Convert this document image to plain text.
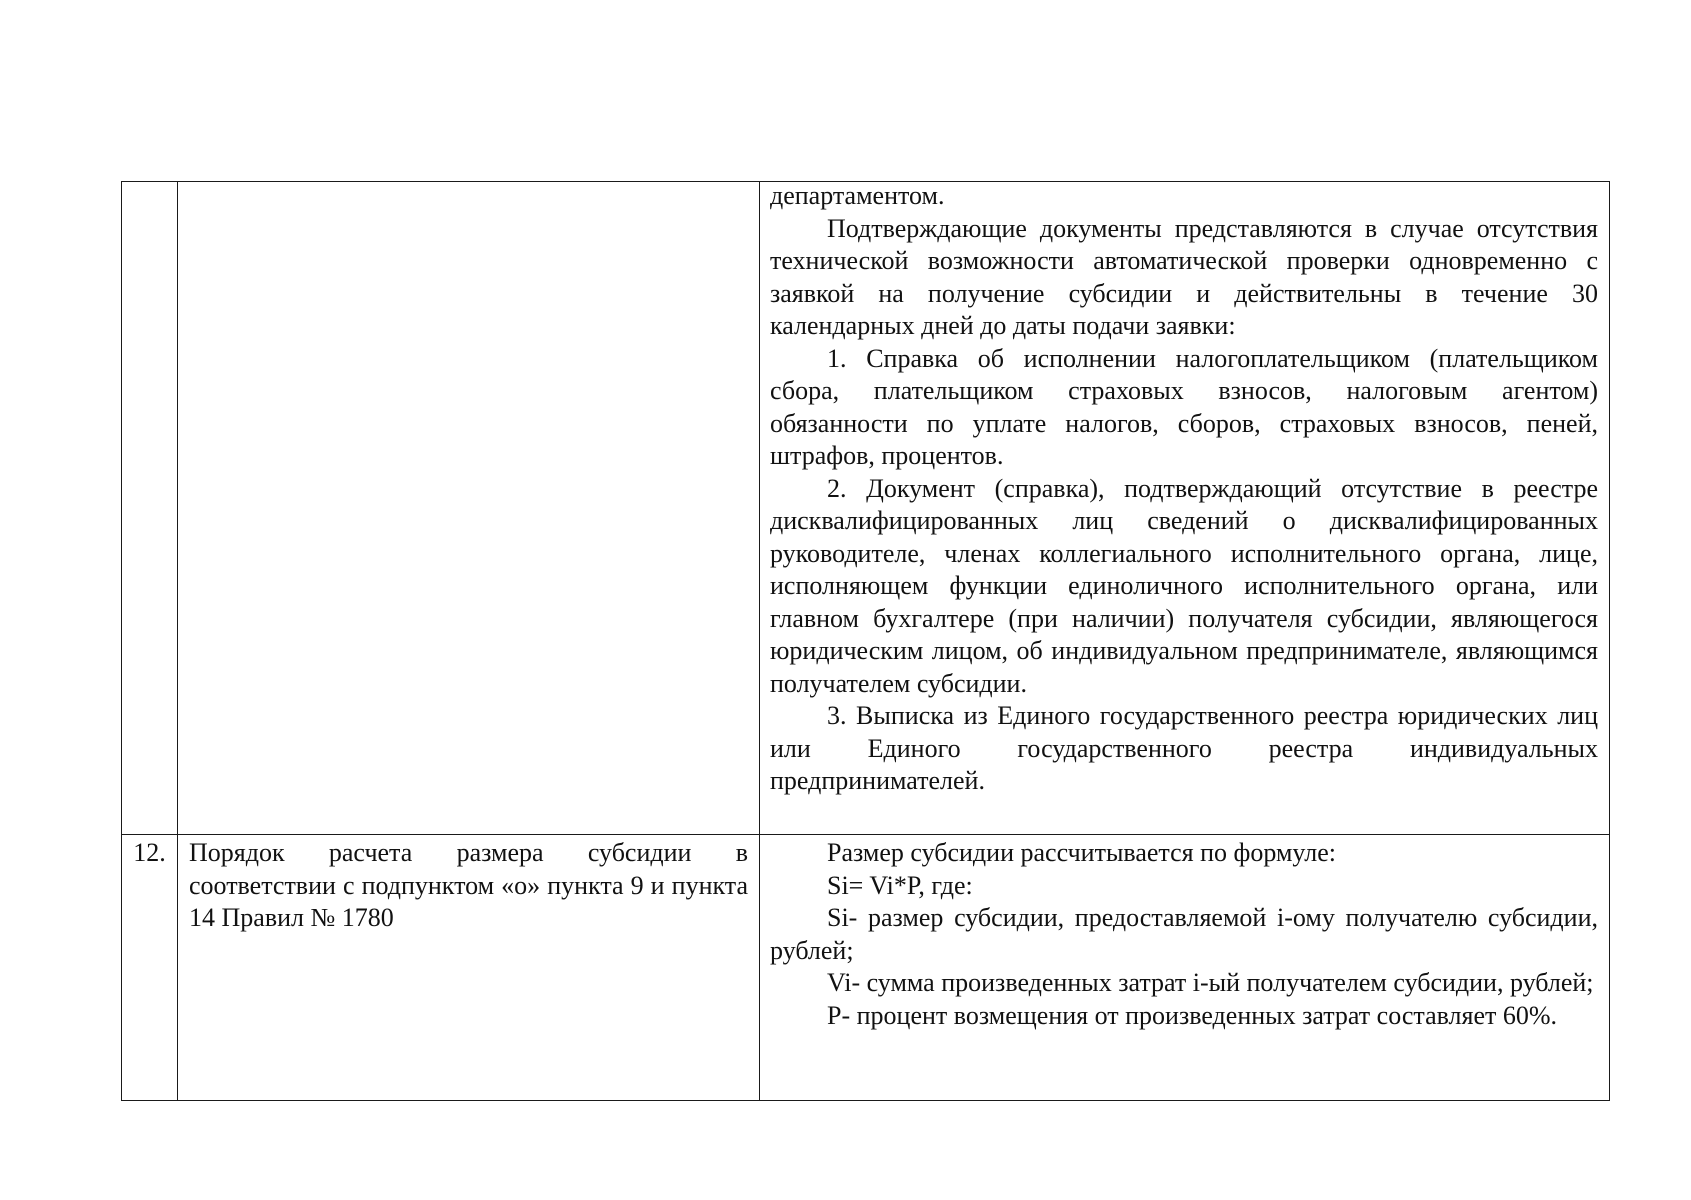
		департаментом.

Подтверждающие документы представляются в случае отсутствия технической возможности автоматической проверки одновременно с заявкой на получение субсидии и действительны в течение 30 календарных дней до даты подачи заявки:

1. Справка об исполнении налогоплательщиком (плательщиком сбора, плательщиком страховых взносов, налоговым агентом) обязанности по уплате налогов, сборов, страховых взносов, пеней, штрафов, процентов.

2. Документ (справка), подтверждающий отсутствие в реестре дисквалифицированных лиц сведений о дисквалифицированных руководителе, членах коллегиального исполнительного органа, лице, исполняющем функции единоличного исполнительного органа, или главном бухгалтере (при наличии) получателя субсидии, являющегося юридическим лицом, об индивидуальном предпринимателе, являющимся получателем субсидии.

3. Выписка из Единого государственного реестра юридических лиц или Единого государственного реестра индивидуальных предпринимателей.

12.	Порядок расчета размера субсидии в соответствии с подпунктом «о» пункта 9 и пункта 14 Правил № 1780	Размер субсидии рассчитывается по формуле:

Si= Vi*P, где:

Si- размер субсидии, предоставляемой i-ому получателю субсидии, рублей;

Vi- сумма произведенных затрат i-ый получателем субсидии, рублей;

P- процент возмещения от произведенных затрат составляет 60%.
